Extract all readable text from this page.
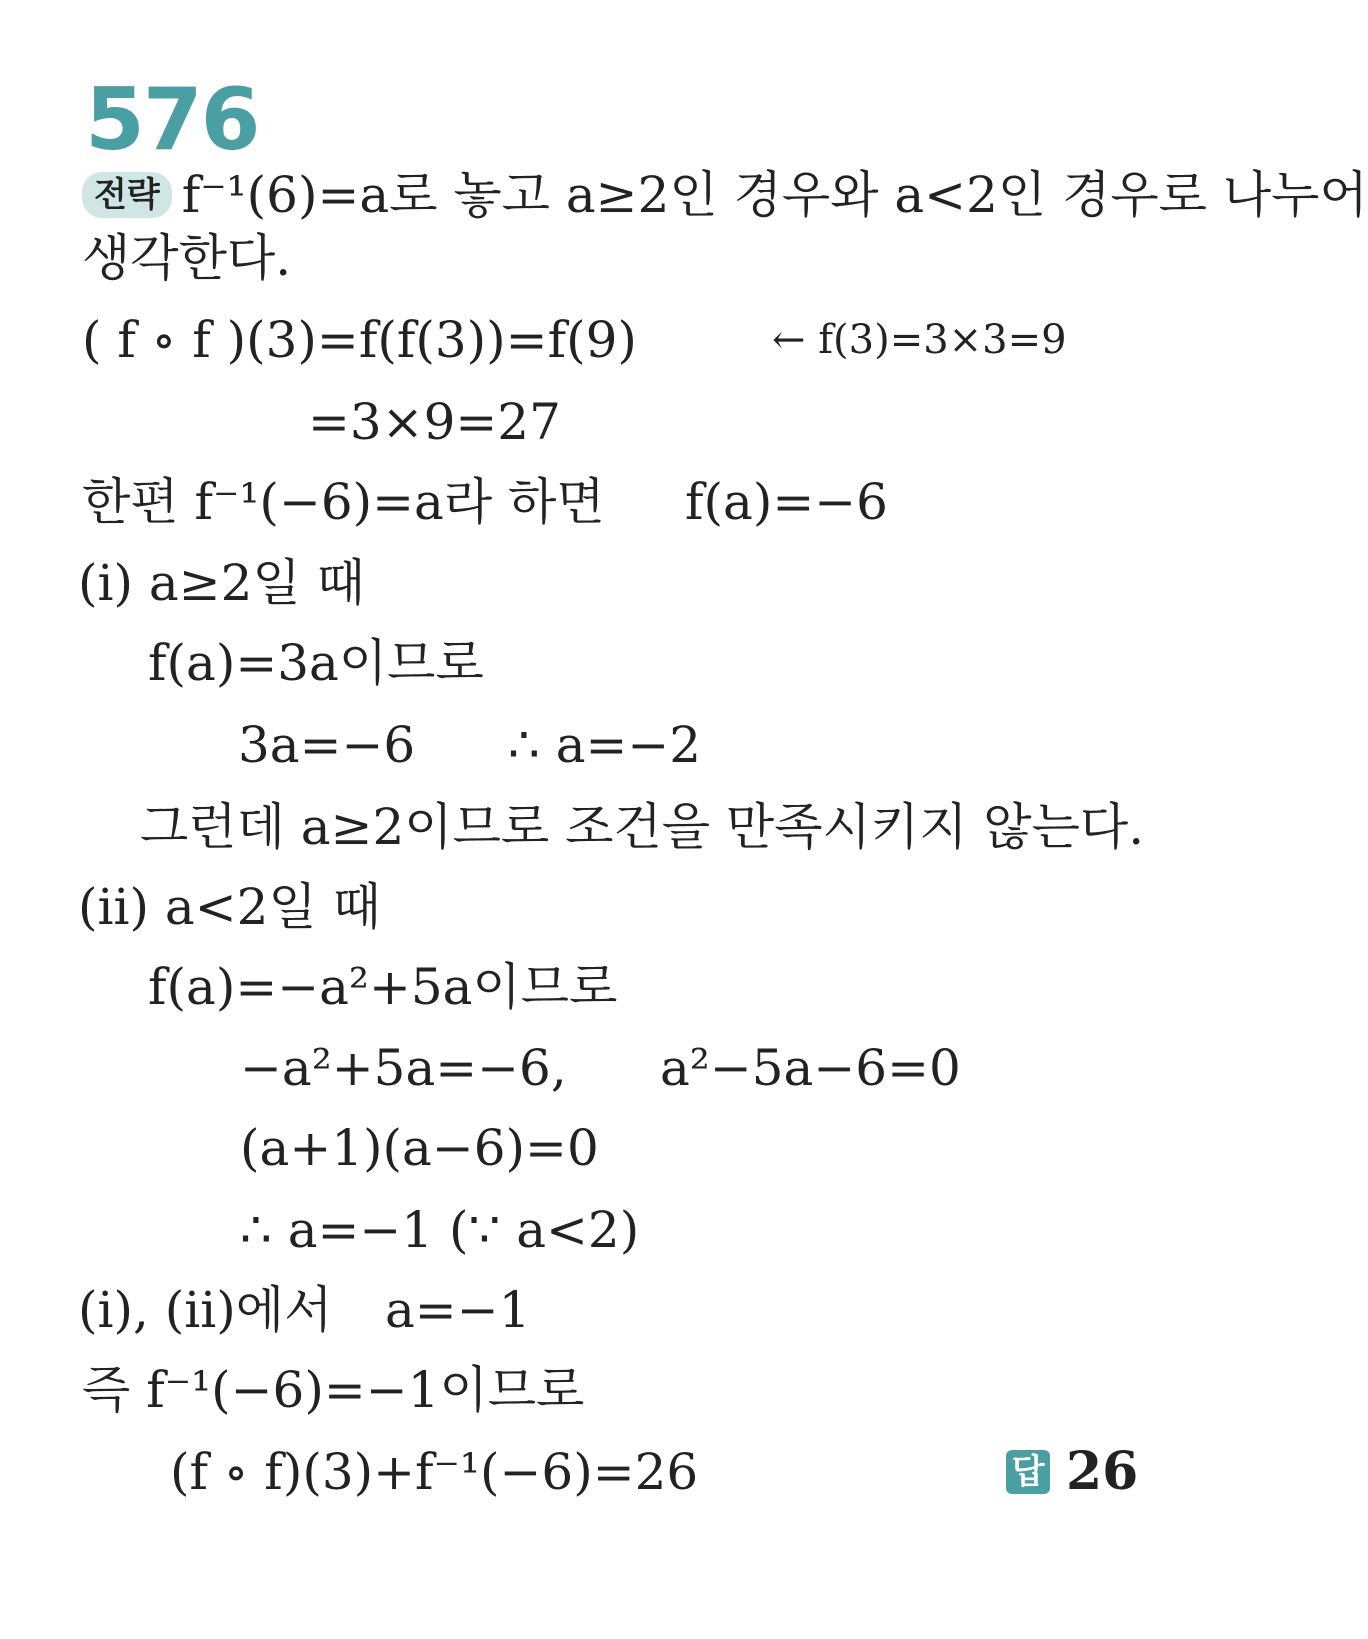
576
전략 f⁻¹(6)=a로 놓고 a≥2인 경우와 a<2인 경우로 나누어
생각한다.
( f ∘ f )(3)=f(f(3))=f(9)	← f(3)=3×3=9
=3×9=27
한편 f⁻¹(−6)=a라 하면 f(a)=−6
(ⅰ) a≥2일 때
f(a)=3a이므로
3a=−6 ∴ a=−2
그런데 a≥2이므로 조건을 만족시키지 않는다.
(ⅱ) a<2일 때
f(a)=−a²+5a이므로
−a²+5a=−6, a²−5a−6=0
(a+1)(a−6)=0
∴ a=−1 (∵ a<2)
(ⅰ), (ⅱ)에서 a=−1
즉 f⁻¹(−6)=−1이므로
(f ∘ f)(3)+f⁻¹(−6)=26	답 26
